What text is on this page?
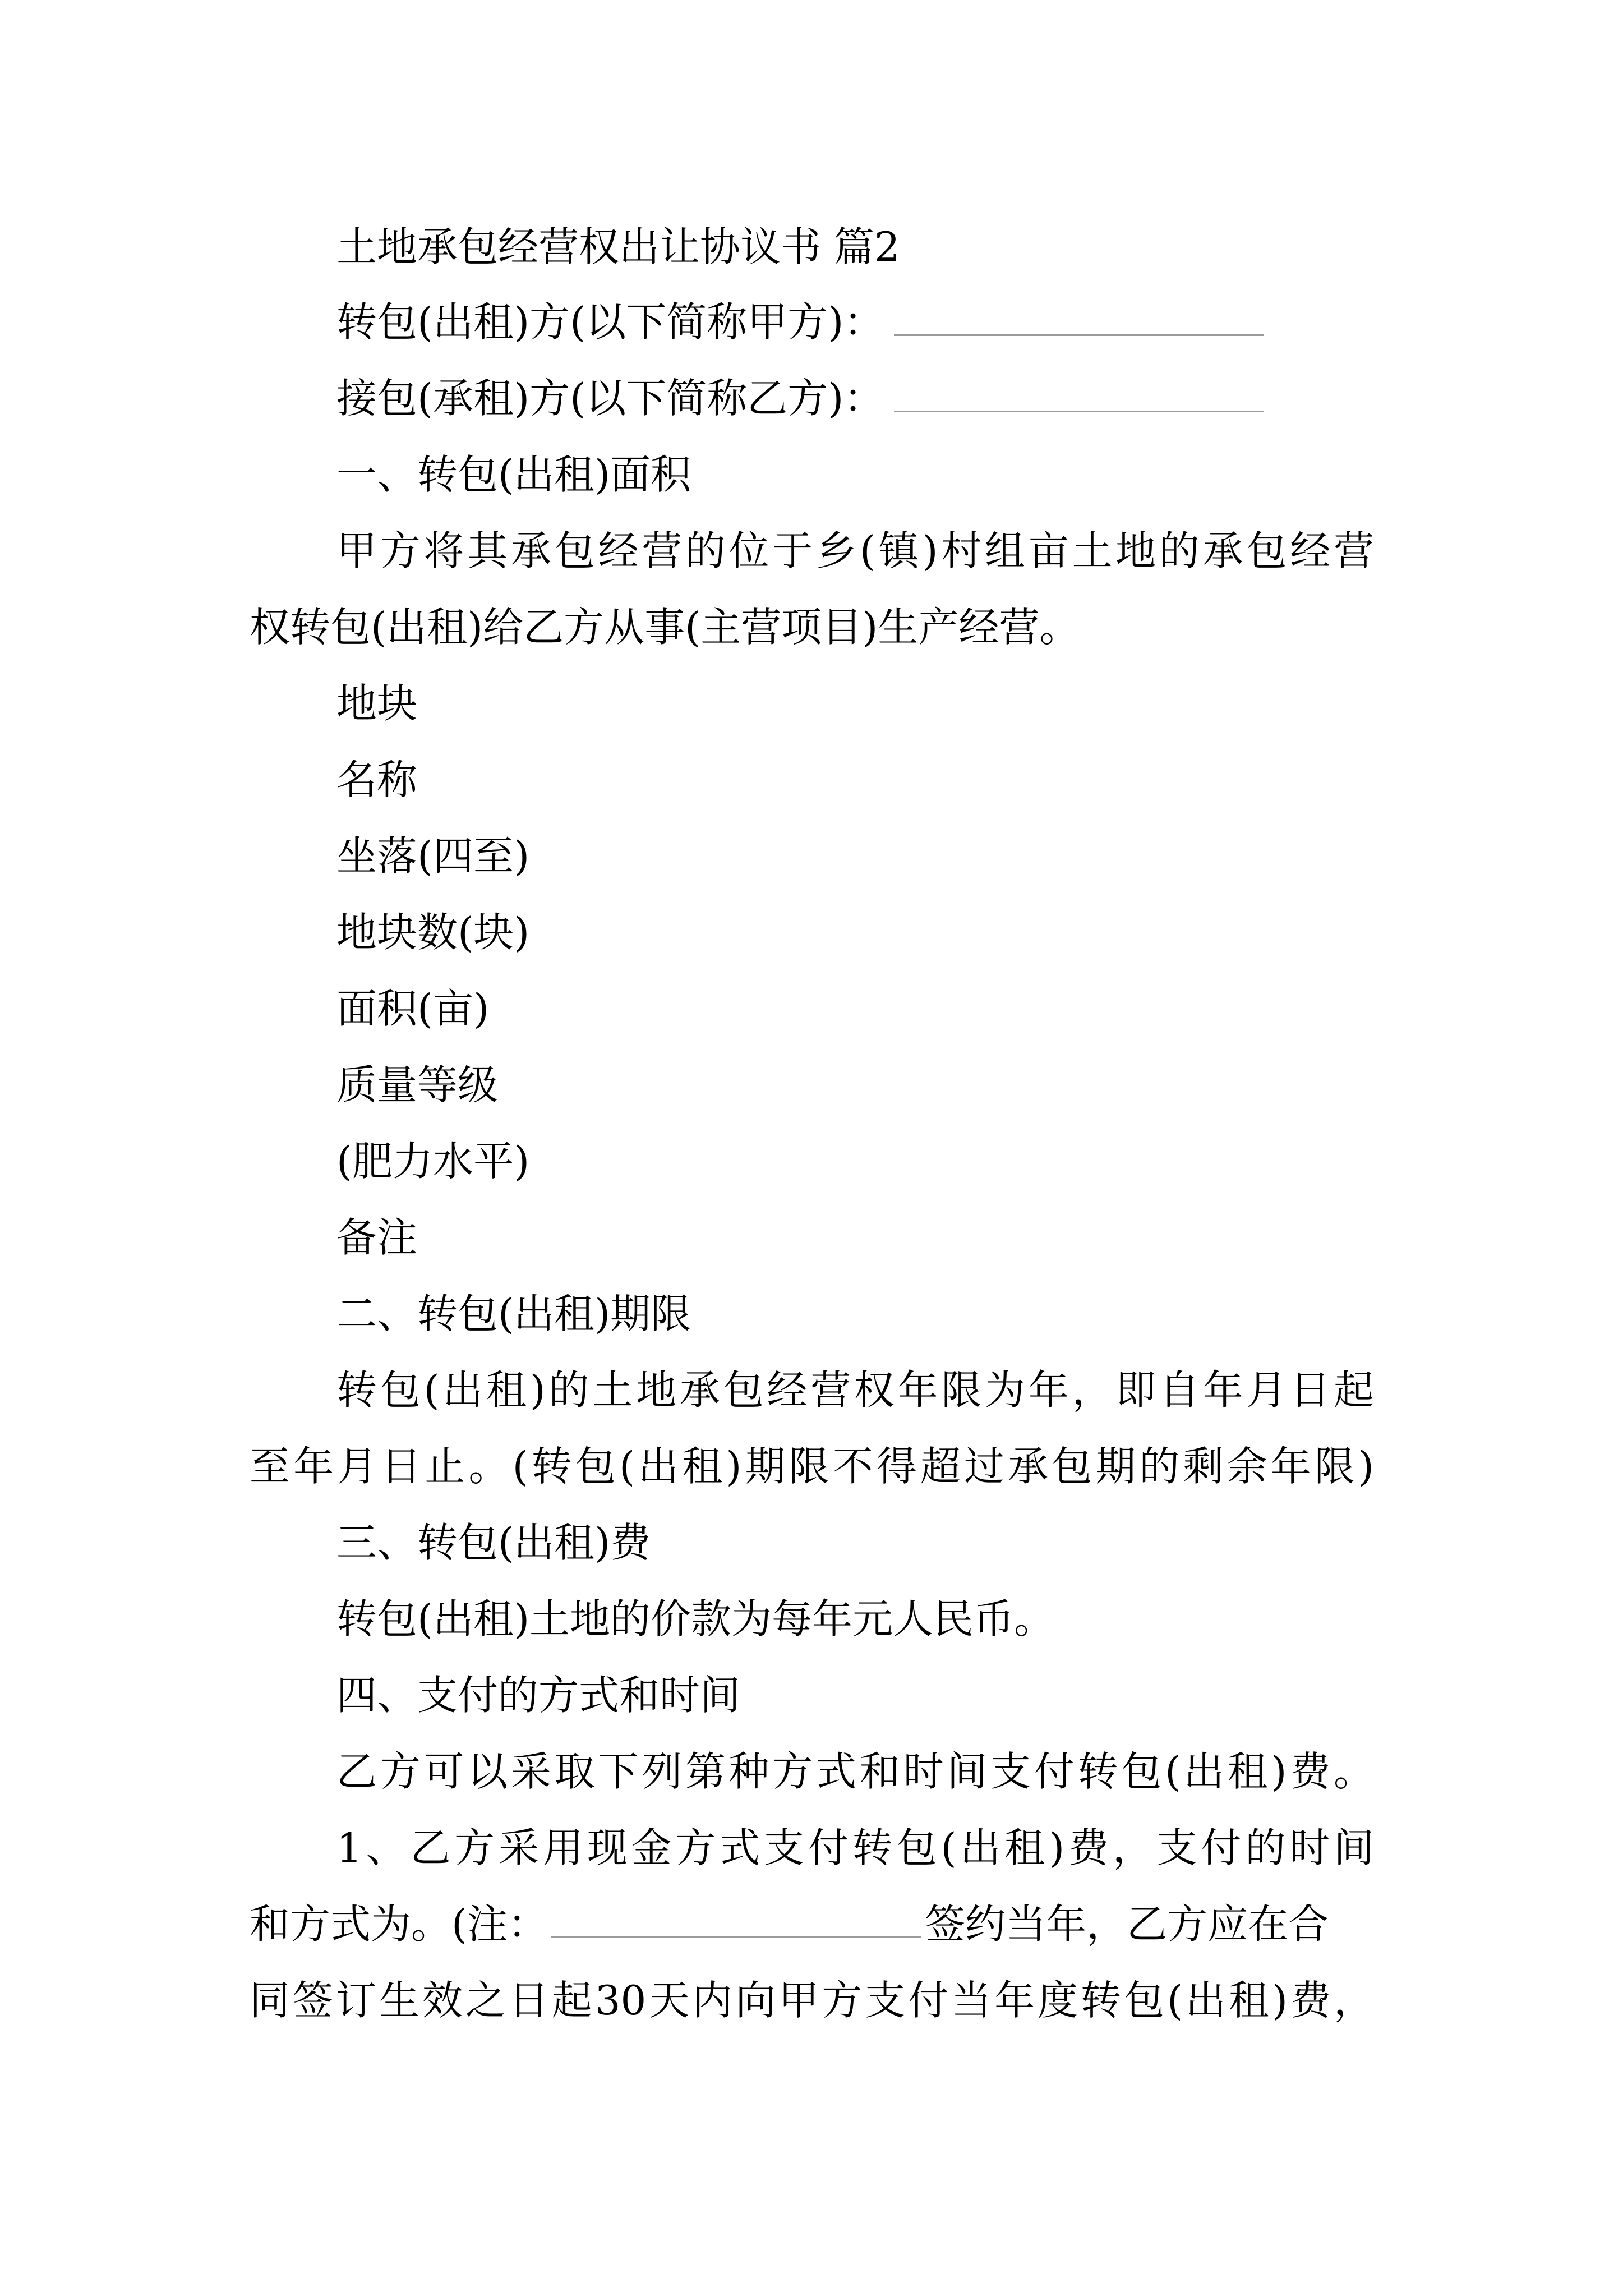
土地承包经营权出让协议书 篇2
转包(出租)方(以下简称甲方)：
接包(承租)方(以下简称乙方)：
一、转包(出租)面积
甲方将其承包经营的位于乡(镇)村组亩土地的承包经营
权转包(出租)给乙方从事(主营项目)生产经营。
地块
名称
坐落(四至)
地块数(块)
面积(亩)
质量等级
(肥力水平)
备注
二、转包(出租)期限
转包(出租)的土地承包经营权年限为年，即自年月日起
至年月日止。(转包(出租)期限不得超过承包期的剩余年限)
三、转包(出租)费
转包(出租)土地的价款为每年元人民币。
四、支付的方式和时间
乙方可以采取下列第种方式和时间支付转包(出租)费。
1、乙方采用现金方式支付转包(出租)费，支付的时间
和方式为。(注：	签约当年，乙方应在合
同签订生效之日起30天内向甲方支付当年度转包(出租)费，
